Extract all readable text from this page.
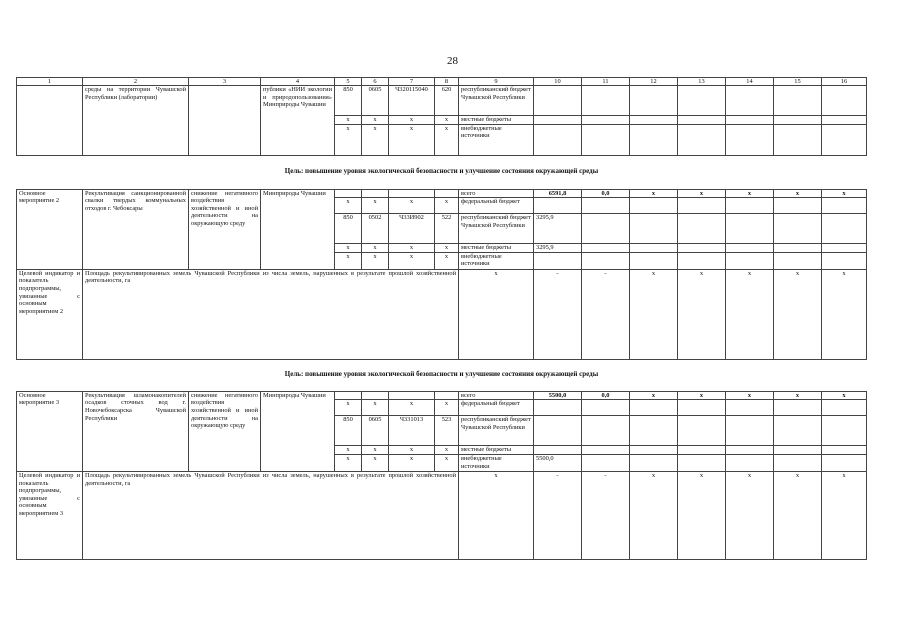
28
1	2	3	4	5	6	7	8	9	10	11	12	13	14	15	16
	среды на территории Чувашской Республики (лаборатории)		публики «НИИ экологии и природопользования» Минприроды Чувашии	850	0605	Ч320115040	620	республиканский бюджет Чувашской Республики							
				x	x	x	x	местные бюджеты							
				x	x	x	x	внебюджетные источники							
Цель: повышение уровня экологической безопасности и улучшение состояния окружающей среды															
Основное мероприятие 2	Рекультивация санкционированной свалки твердых коммунальных отходов г. Чебоксары	снижение негативного воздействия хозяйственной и иной деятельности на окружающую среду	Минприроды Чувашии					всего	6591,8	0,0	x	x	x	x	x
				x	x	x	x	федеральный бюджет							
				850	0502	Ч33И902	522	республиканский бюджет Чувашской Республики	3295,9						
				x	x	x	x	местные бюджеты	3295,9						
				x	x	x	x	внебюджетные источники							
Целевой индикатор и показатель подпрограммы, увязанные с основным мероприятием 2	Площадь рекультивированных земель Чувашской Республики из числа земель, нарушенных в результате прошлой хозяйственной деятельности, га							x	-	-	x	x	x	x	x
Цель: повышение уровня экологической безопасности и улучшение состояния окружающей среды															
Основное мероприятие 3	Рекультивация шламонакопителей осадков сточных вод г. Новочебоксарска Чувашской Республики	снижение негативного воздействия хозяйственной и иной деятельности на окружающую среду	Минприроды Чувашии					всего	5500,0	0,0	x	x	x	x	x
				x	x	x	x	федеральный бюджет							
				850	0605	Ч331013	523	республиканский бюджет Чувашской Республики							
				x	x	x	x	местные бюджеты							
				x	x	x	x	внебюджетные источники	5500,0						
Целевой индикатор и показатель подпрограммы, увязанные с основным мероприятием 3	Площадь рекультивированных земель Чувашской Республики из числа земель, нарушенных в результате прошлой хозяйственной деятельности, га							x	-	-	x	x	x	x	x
